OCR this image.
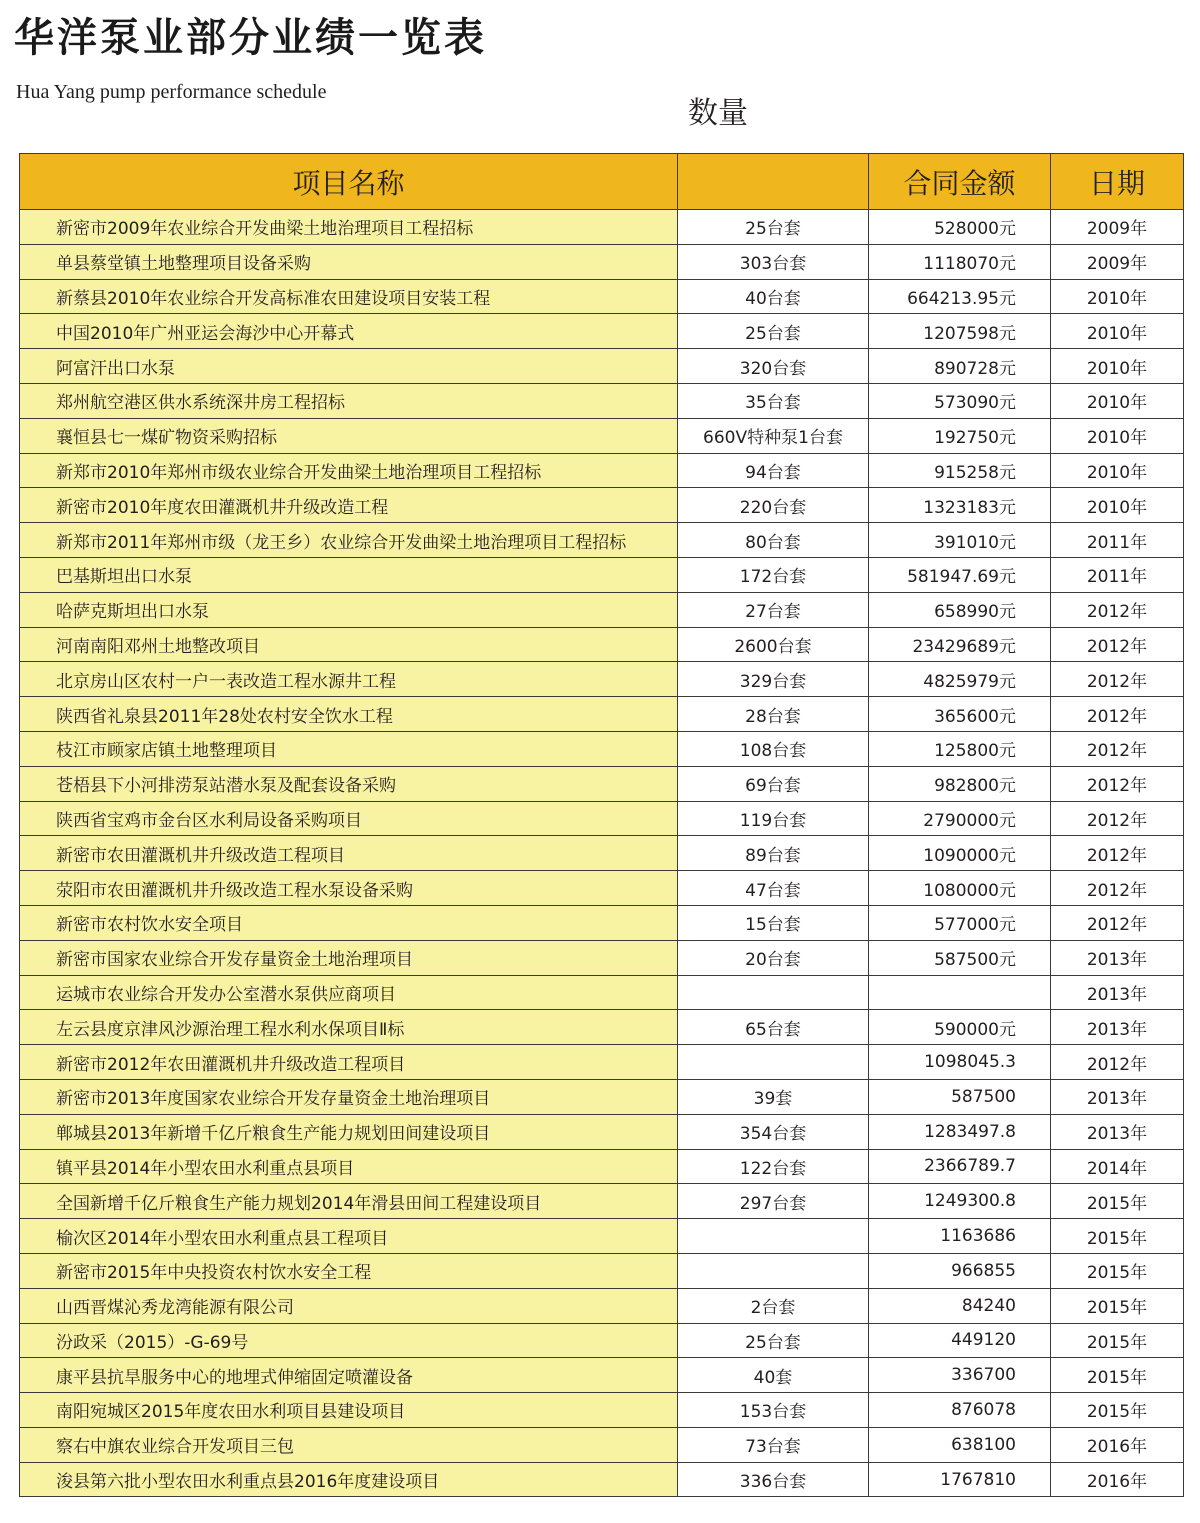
华洋泵业部分业绩一览表
Hua Yang pump performance schedule
数量
项目名称		合同金额	日期
新密市2009年农业综合开发曲梁土地治理项目工程招标	25台套	528000元	2009年
单县蔡堂镇土地整理项目设备采购	303台套	1118070元	2009年
新蔡县2010年农业综合开发高标准农田建设项目安装工程	40台套	664213.95元	2010年
中国2010年广州亚运会海沙中心开幕式	25台套	1207598元	2010年
阿富汗出口水泵	320台套	890728元	2010年
郑州航空港区供水系统深井房工程招标	35台套	573090元	2010年
襄恒县七一煤矿物资采购招标	660V特种泵1台套	192750元	2010年
新郑市2010年郑州市级农业综合开发曲梁土地治理项目工程招标	94台套	915258元	2010年
新密市2010年度农田灌溉机井升级改造工程	220台套	1323183元	2010年
新郑市2011年郑州市级（龙王乡）农业综合开发曲梁土地治理项目工程招标	80台套	391010元	2011年
巴基斯坦出口水泵	172台套	581947.69元	2011年
哈萨克斯坦出口水泵	27台套	658990元	2012年
河南南阳邓州土地整改项目	2600台套	23429689元	2012年
北京房山区农村一户一表改造工程水源井工程	329台套	4825979元	2012年
陕西省礼泉县2011年28处农村安全饮水工程	28台套	365600元	2012年
枝江市顾家店镇土地整理项目	108台套	125800元	2012年
苍梧县下小河排涝泵站潜水泵及配套设备采购	69台套	982800元	2012年
陕西省宝鸡市金台区水利局设备采购项目	119台套	2790000元	2012年
新密市农田灌溉机井升级改造工程项目	89台套	1090000元	2012年
荥阳市农田灌溉机井升级改造工程水泵设备采购	47台套	1080000元	2012年
新密市农村饮水安全项目	15台套	577000元	2012年
新密市国家农业综合开发存量资金土地治理项目	20台套	587500元	2013年
运城市农业综合开发办公室潜水泵供应商项目			2013年
左云县度京津风沙源治理工程水利水保项目Ⅱ标	65台套	590000元	2013年
新密市2012年农田灌溉机井升级改造工程项目		1098045.3	2012年
新密市2013年度国家农业综合开发存量资金土地治理项目	39套	587500	2013年
郸城县2013年新增千亿斤粮食生产能力规划田间建设项目	354台套	1283497.8	2013年
镇平县2014年小型农田水利重点县项目	122台套	2366789.7	2014年
全国新增千亿斤粮食生产能力规划2014年滑县田间工程建设项目	297台套	1249300.8	2015年
榆次区2014年小型农田水利重点县工程项目		1163686	2015年
新密市2015年中央投资农村饮水安全工程		966855	2015年
山西晋煤沁秀龙湾能源有限公司	2台套	84240	2015年
汾政采（2015）-G-69号	25台套	449120	2015年
康平县抗旱服务中心的地埋式伸缩固定喷灌设备	40套	336700	2015年
南阳宛城区2015年度农田水利项目县建设项目	153台套	876078	2015年
察右中旗农业综合开发项目三包	73台套	638100	2016年
浚县第六批小型农田水利重点县2016年度建设项目	336台套	1767810	2016年
